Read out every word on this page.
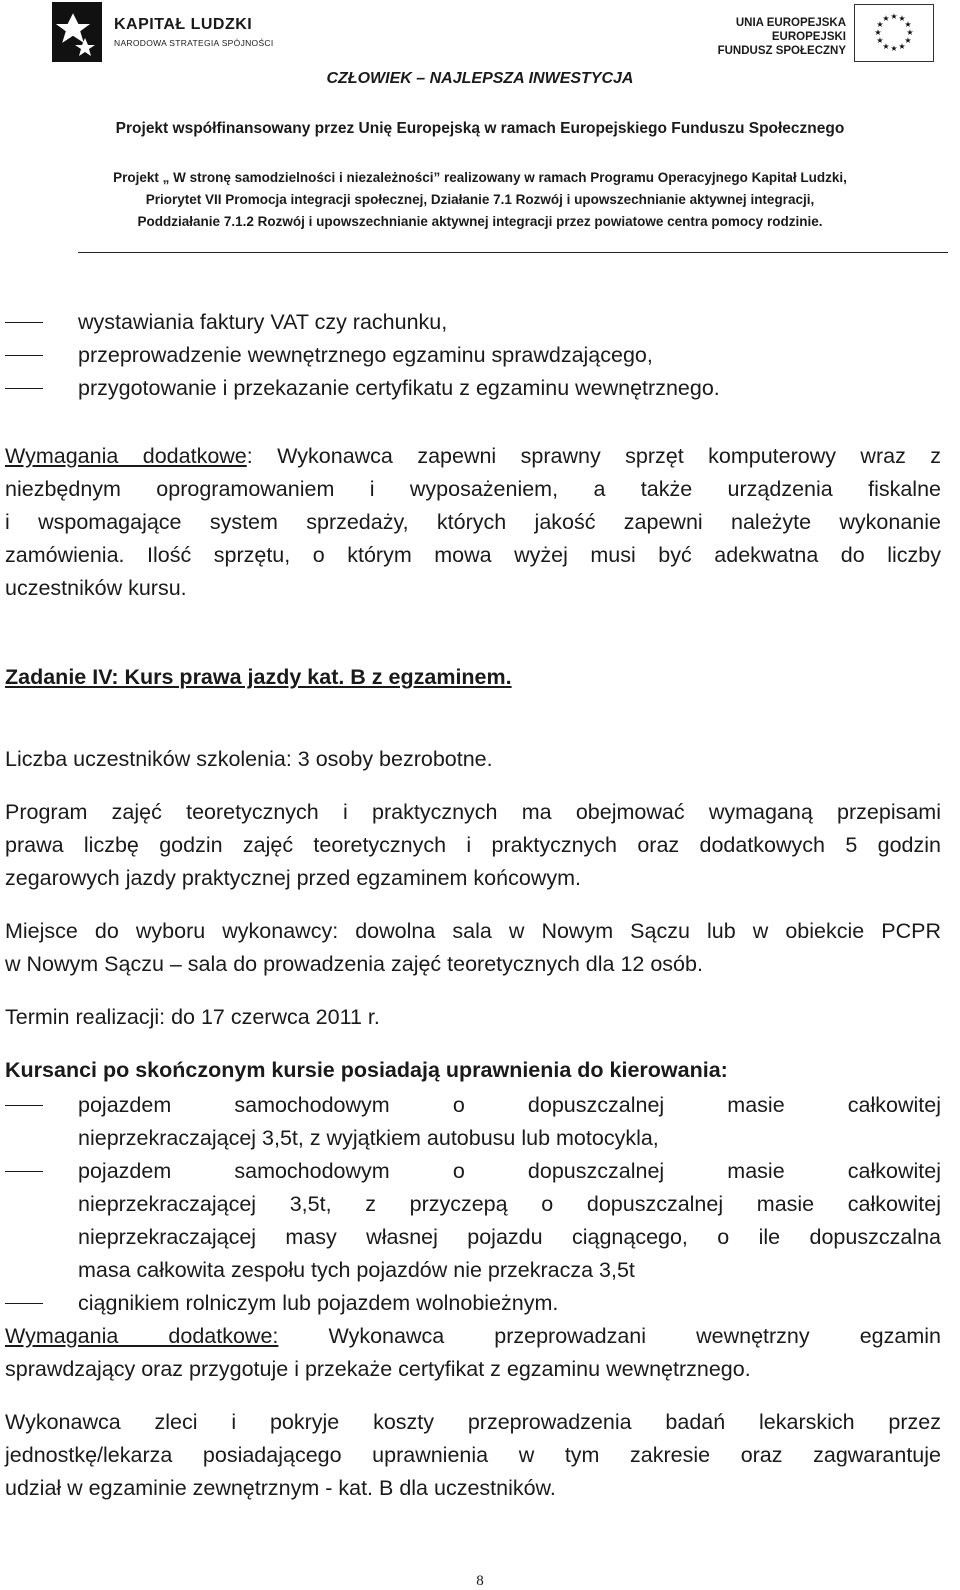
KAPITAŁ LUDZKI
NARODOWA STRATEGIA SPÓJNOŚCI
UNIA EUROPEJSKA
EUROPEJSKI
FUNDUSZ SPOŁECZNY
★ ★
★
★
★
★
★
★
★
★
★
★
CZŁOWIEK – NAJLEPSZA INWESTYCJA
Projekt współfinansowany przez Unię Europejską w ramach Europejskiego Funduszu Społecznego
Projekt „ W stronę samodzielności i niezależności” realizowany w ramach Programu Operacyjnego Kapitał Ludzki,
Priorytet VII Promocja integracji społecznej, Działanie 7.1 Rozwój i upowszechnianie aktywnej integracji,
Poddziałanie 7.1.2 Rozwój i upowszechnianie aktywnej integracji przez powiatowe centra pomocy rodzinie.
wystawiania faktury VAT czy rachunku,
przeprowadzenie wewnętrznego egzaminu sprawdzającego,
przygotowanie i przekazanie certyfikatu z egzaminu wewnętrznego.
Wymagania dodatkowe: Wykonawca zapewni sprawny sprzęt komputerowy wraz z
niezbędnym oprogramowaniem i wyposażeniem, a także urządzenia fiskalne
i wspomagające system sprzedaży, których jakość zapewni należyte wykonanie
zamówienia. Ilość sprzętu, o którym mowa wyżej musi być adekwatna do liczby
uczestników kursu.
Zadanie IV: Kurs prawa jazdy kat. B z egzaminem.
Liczba uczestników szkolenia: 3 osoby bezrobotne.
Program zajęć teoretycznych i praktycznych ma obejmować wymaganą przepisami
prawa liczbę godzin zajęć teoretycznych i praktycznych oraz dodatkowych 5 godzin
zegarowych jazdy praktycznej przed egzaminem końcowym.
Miejsce do wyboru wykonawcy: dowolna sala w Nowym Sączu lub w obiekcie PCPR
w Nowym Sączu – sala do prowadzenia zajęć teoretycznych dla 12 osób.
Termin realizacji: do 17 czerwca 2011 r.
Kursanci po skończonym kursie posiadają uprawnienia do kierowania:
pojazdem samochodowym o dopuszczalnej masie całkowitej
nieprzekraczającej 3,5t, z wyjątkiem autobusu lub motocykla,
pojazdem samochodowym o dopuszczalnej masie całkowitej
nieprzekraczającej 3,5t, z przyczepą o dopuszczalnej masie całkowitej
nieprzekraczającej masy własnej pojazdu ciągnącego, o ile dopuszczalna
masa całkowita zespołu tych pojazdów nie przekracza 3,5t
ciągnikiem rolniczym lub pojazdem wolnobieżnym.
Wymagania dodatkowe: Wykonawca przeprowadzani wewnętrzny egzamin
sprawdzający oraz przygotuje i przekaże certyfikat z egzaminu wewnętrznego.
Wykonawca zleci i pokryje koszty przeprowadzenia badań lekarskich przez
jednostkę/lekarza posiadającego uprawnienia w tym zakresie oraz zagwarantuje
udział w egzaminie zewnętrznym - kat. B dla uczestników.
8
